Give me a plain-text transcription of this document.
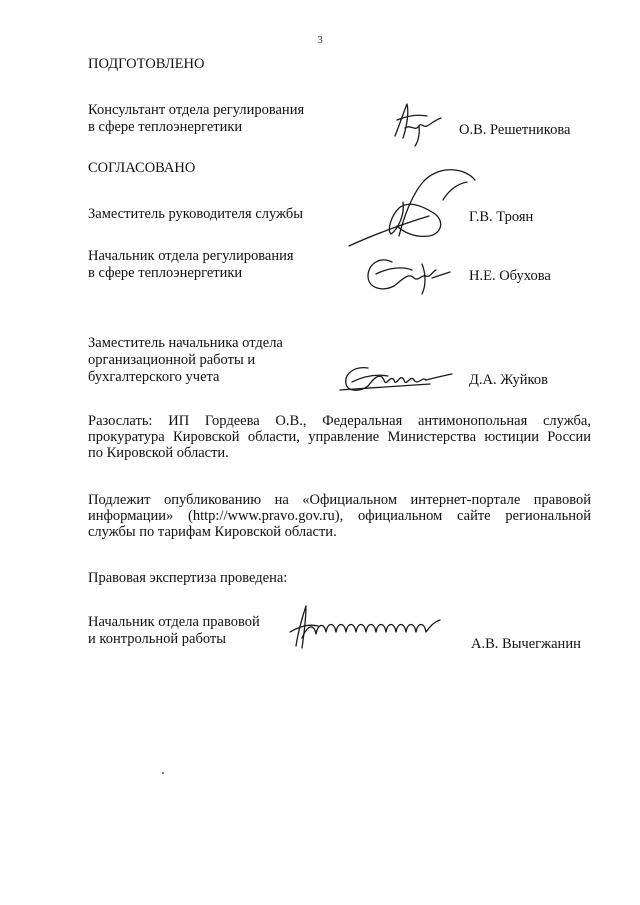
3
ПОДГОТОВЛЕНО
Консультант отдела регулирования
в сфере теплоэнергетики	О.В. Решетникова
СОГЛАСОВАНО
Заместитель руководителя службы	Г.В. Троян
Начальник отдела регулирования
в сфере теплоэнергетики	Н.Е. Обухова
Заместитель начальника отдела
организационной работы и
бухгалтерского учета	Д.А. Жуйков
Разослать: ИП Гордеева О.В., Федеральная антимонопольная служба,
прокуратура Кировской области, управление Министерства юстиции России
по Кировской области.
Подлежит опубликованию на «Официальном интернет-портале правовой
информации» (http://www.pravo.gov.ru), официальном сайте региональной
службы по тарифам Кировской области.
Правовая экспертиза проведена:
Начальник отдела правовой
и контрольной работы	А.В. Вычегжанин
